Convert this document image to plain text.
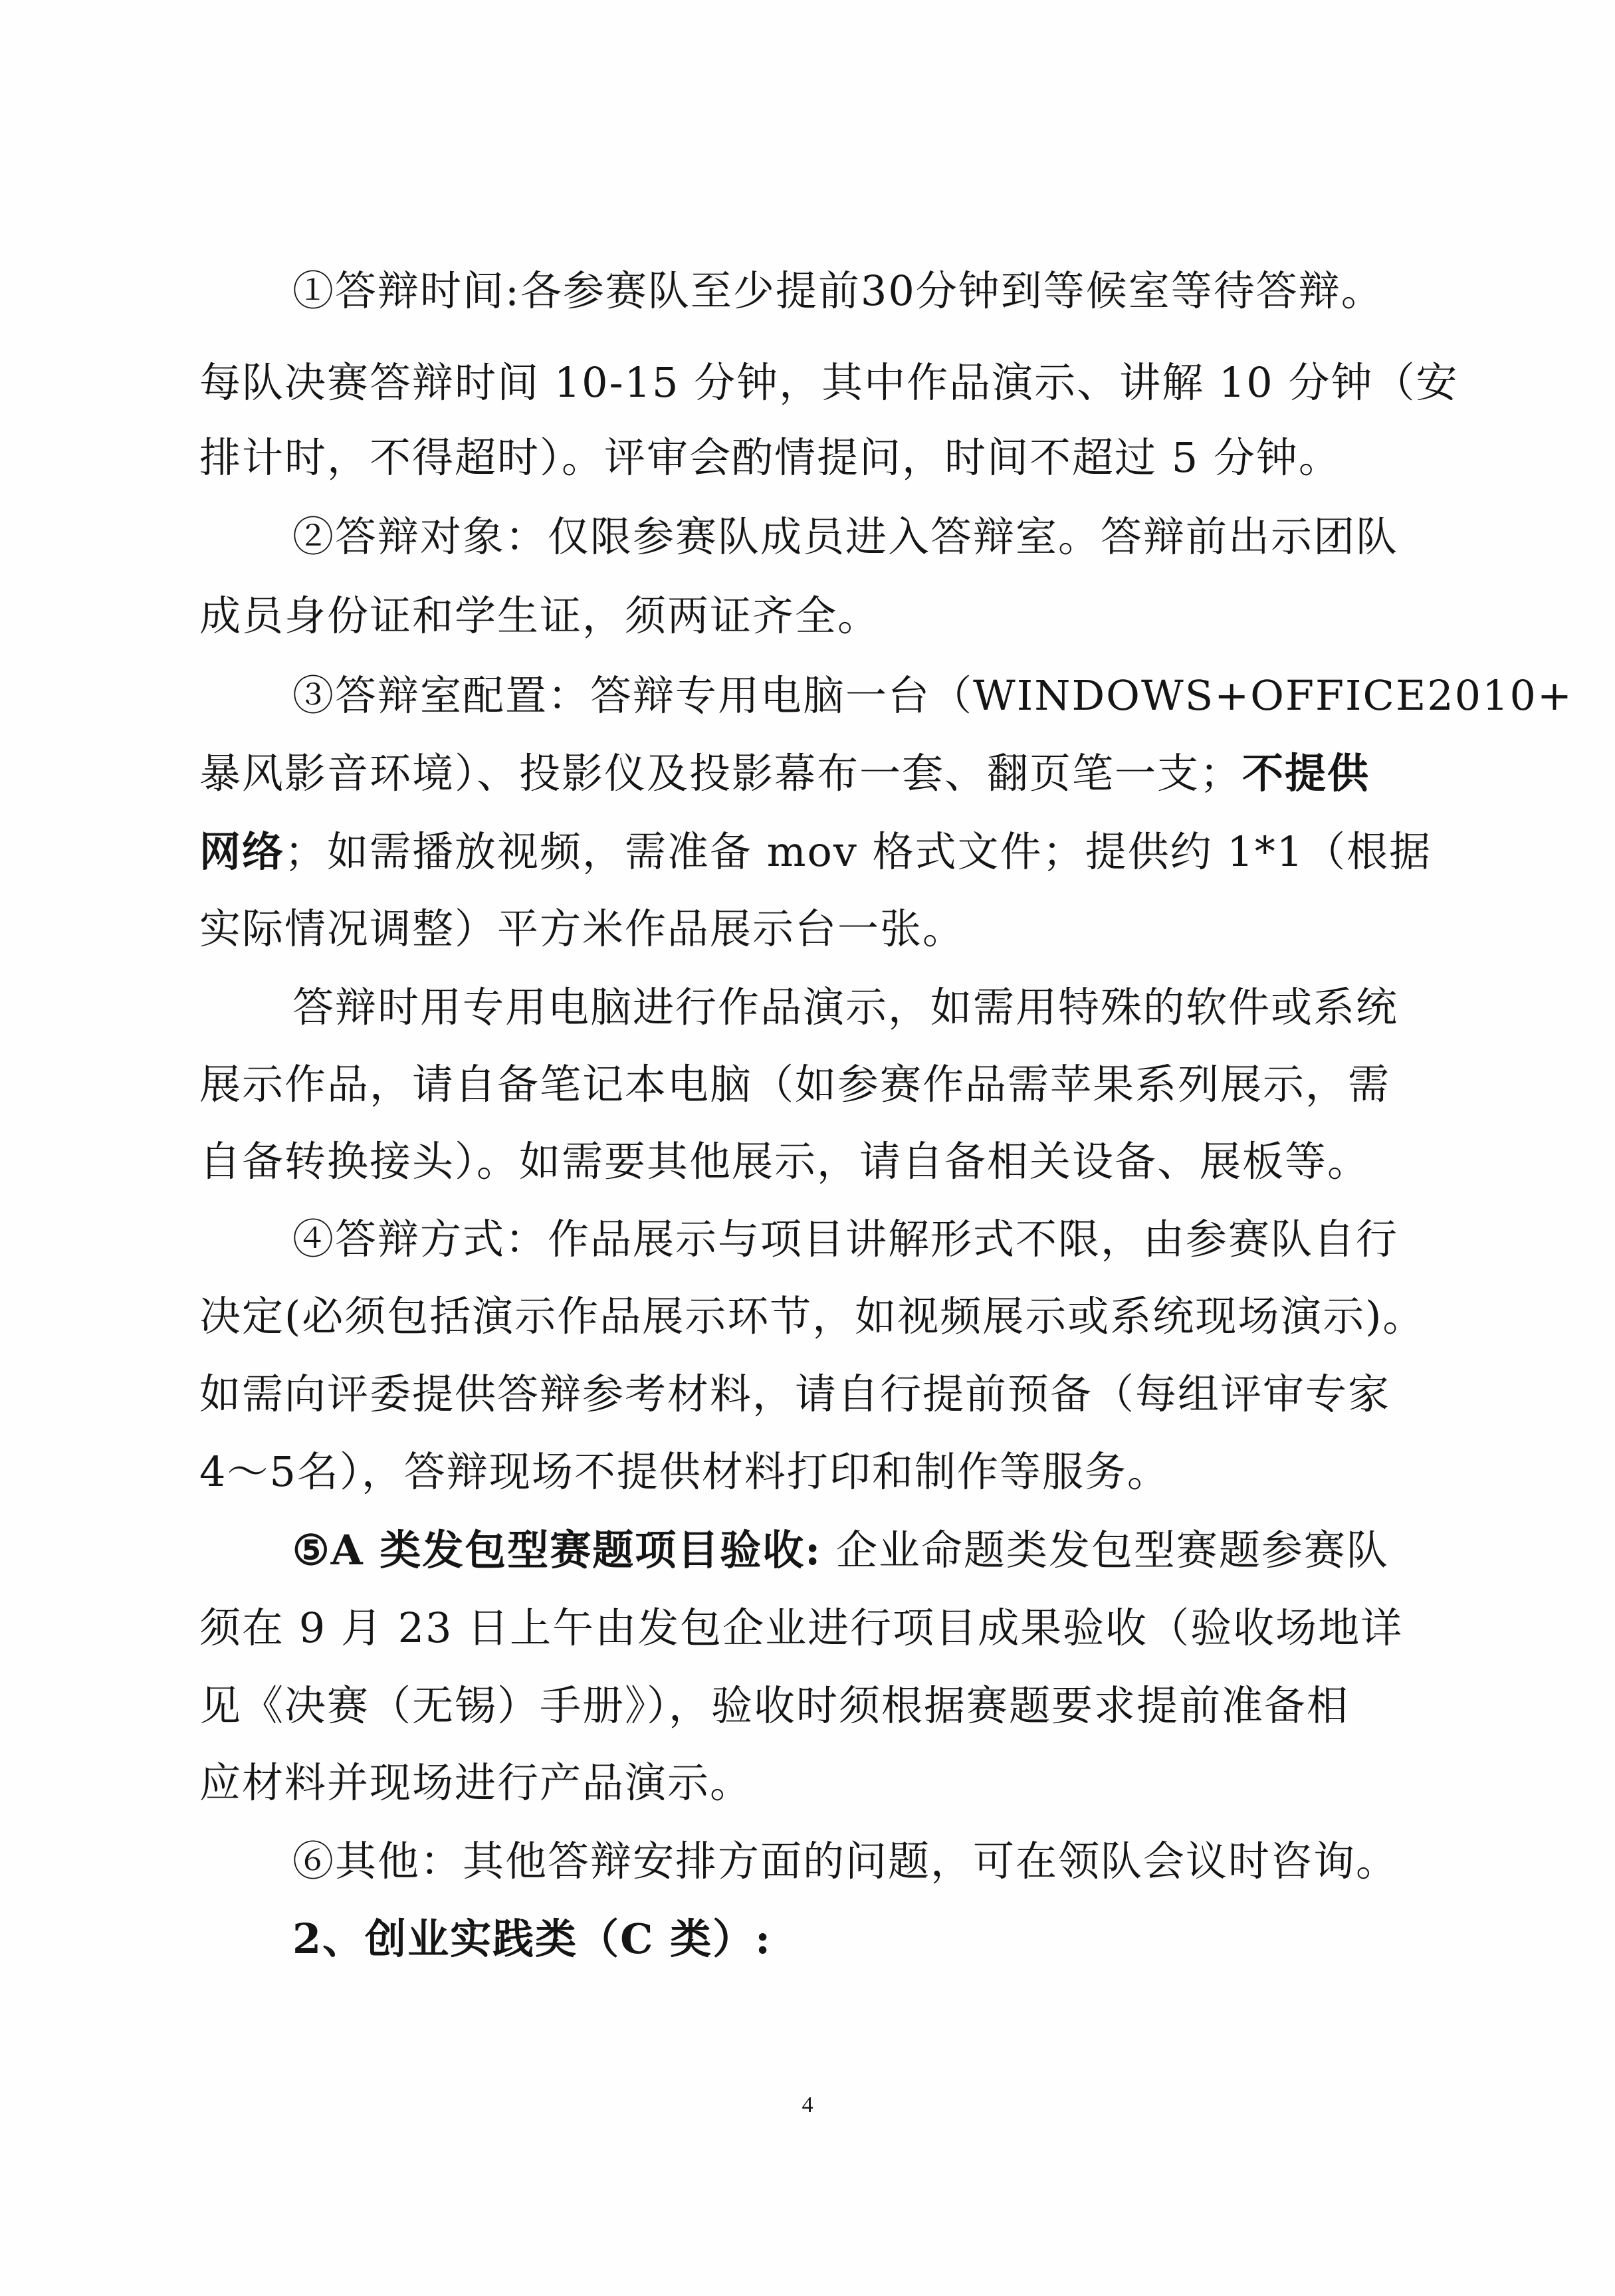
①答辩时间:各参赛队至少提前30分钟到等候室等待答辩。
每队决赛答辩时间 10-15 分钟，其中作品演示、讲解 10 分钟（安
排计时，不得超时）。评审会酌情提问，时间不超过 5 分钟。
②答辩对象：仅限参赛队成员进入答辩室。答辩前出示团队
成员身份证和学生证，须两证齐全。
③答辩室配置：答辩专用电脑一台（WINDOWS+OFFICE2010+
暴风影音环境）、投影仪及投影幕布一套、翻页笔一支；不提供
网络；如需播放视频，需准备 mov 格式文件；提供约 1*1（根据
实际情况调整）平方米作品展示台一张。
答辩时用专用电脑进行作品演示，如需用特殊的软件或系统
展示作品，请自备笔记本电脑（如参赛作品需苹果系列展示，需
自备转换接头）。如需要其他展示，请自备相关设备、展板等。
④答辩方式：作品展示与项目讲解形式不限，由参赛队自行
决定(必须包括演示作品展示环节，如视频展示或系统现场演示)。
如需向评委提供答辩参考材料，请自行提前预备（每组评审专家
4～5名），答辩现场不提供材料打印和制作等服务。
⑤A 类发包型赛题项目验收: 企业命题类发包型赛题参赛队
须在 9 月 23 日上午由发包企业进行项目成果验收（验收场地详
见《决赛（无锡）手册》），验收时须根据赛题要求提前准备相
应材料并现场进行产品演示。
⑥其他：其他答辩安排方面的问题，可在领队会议时咨询。
2、创业实践类（C 类）:
4
